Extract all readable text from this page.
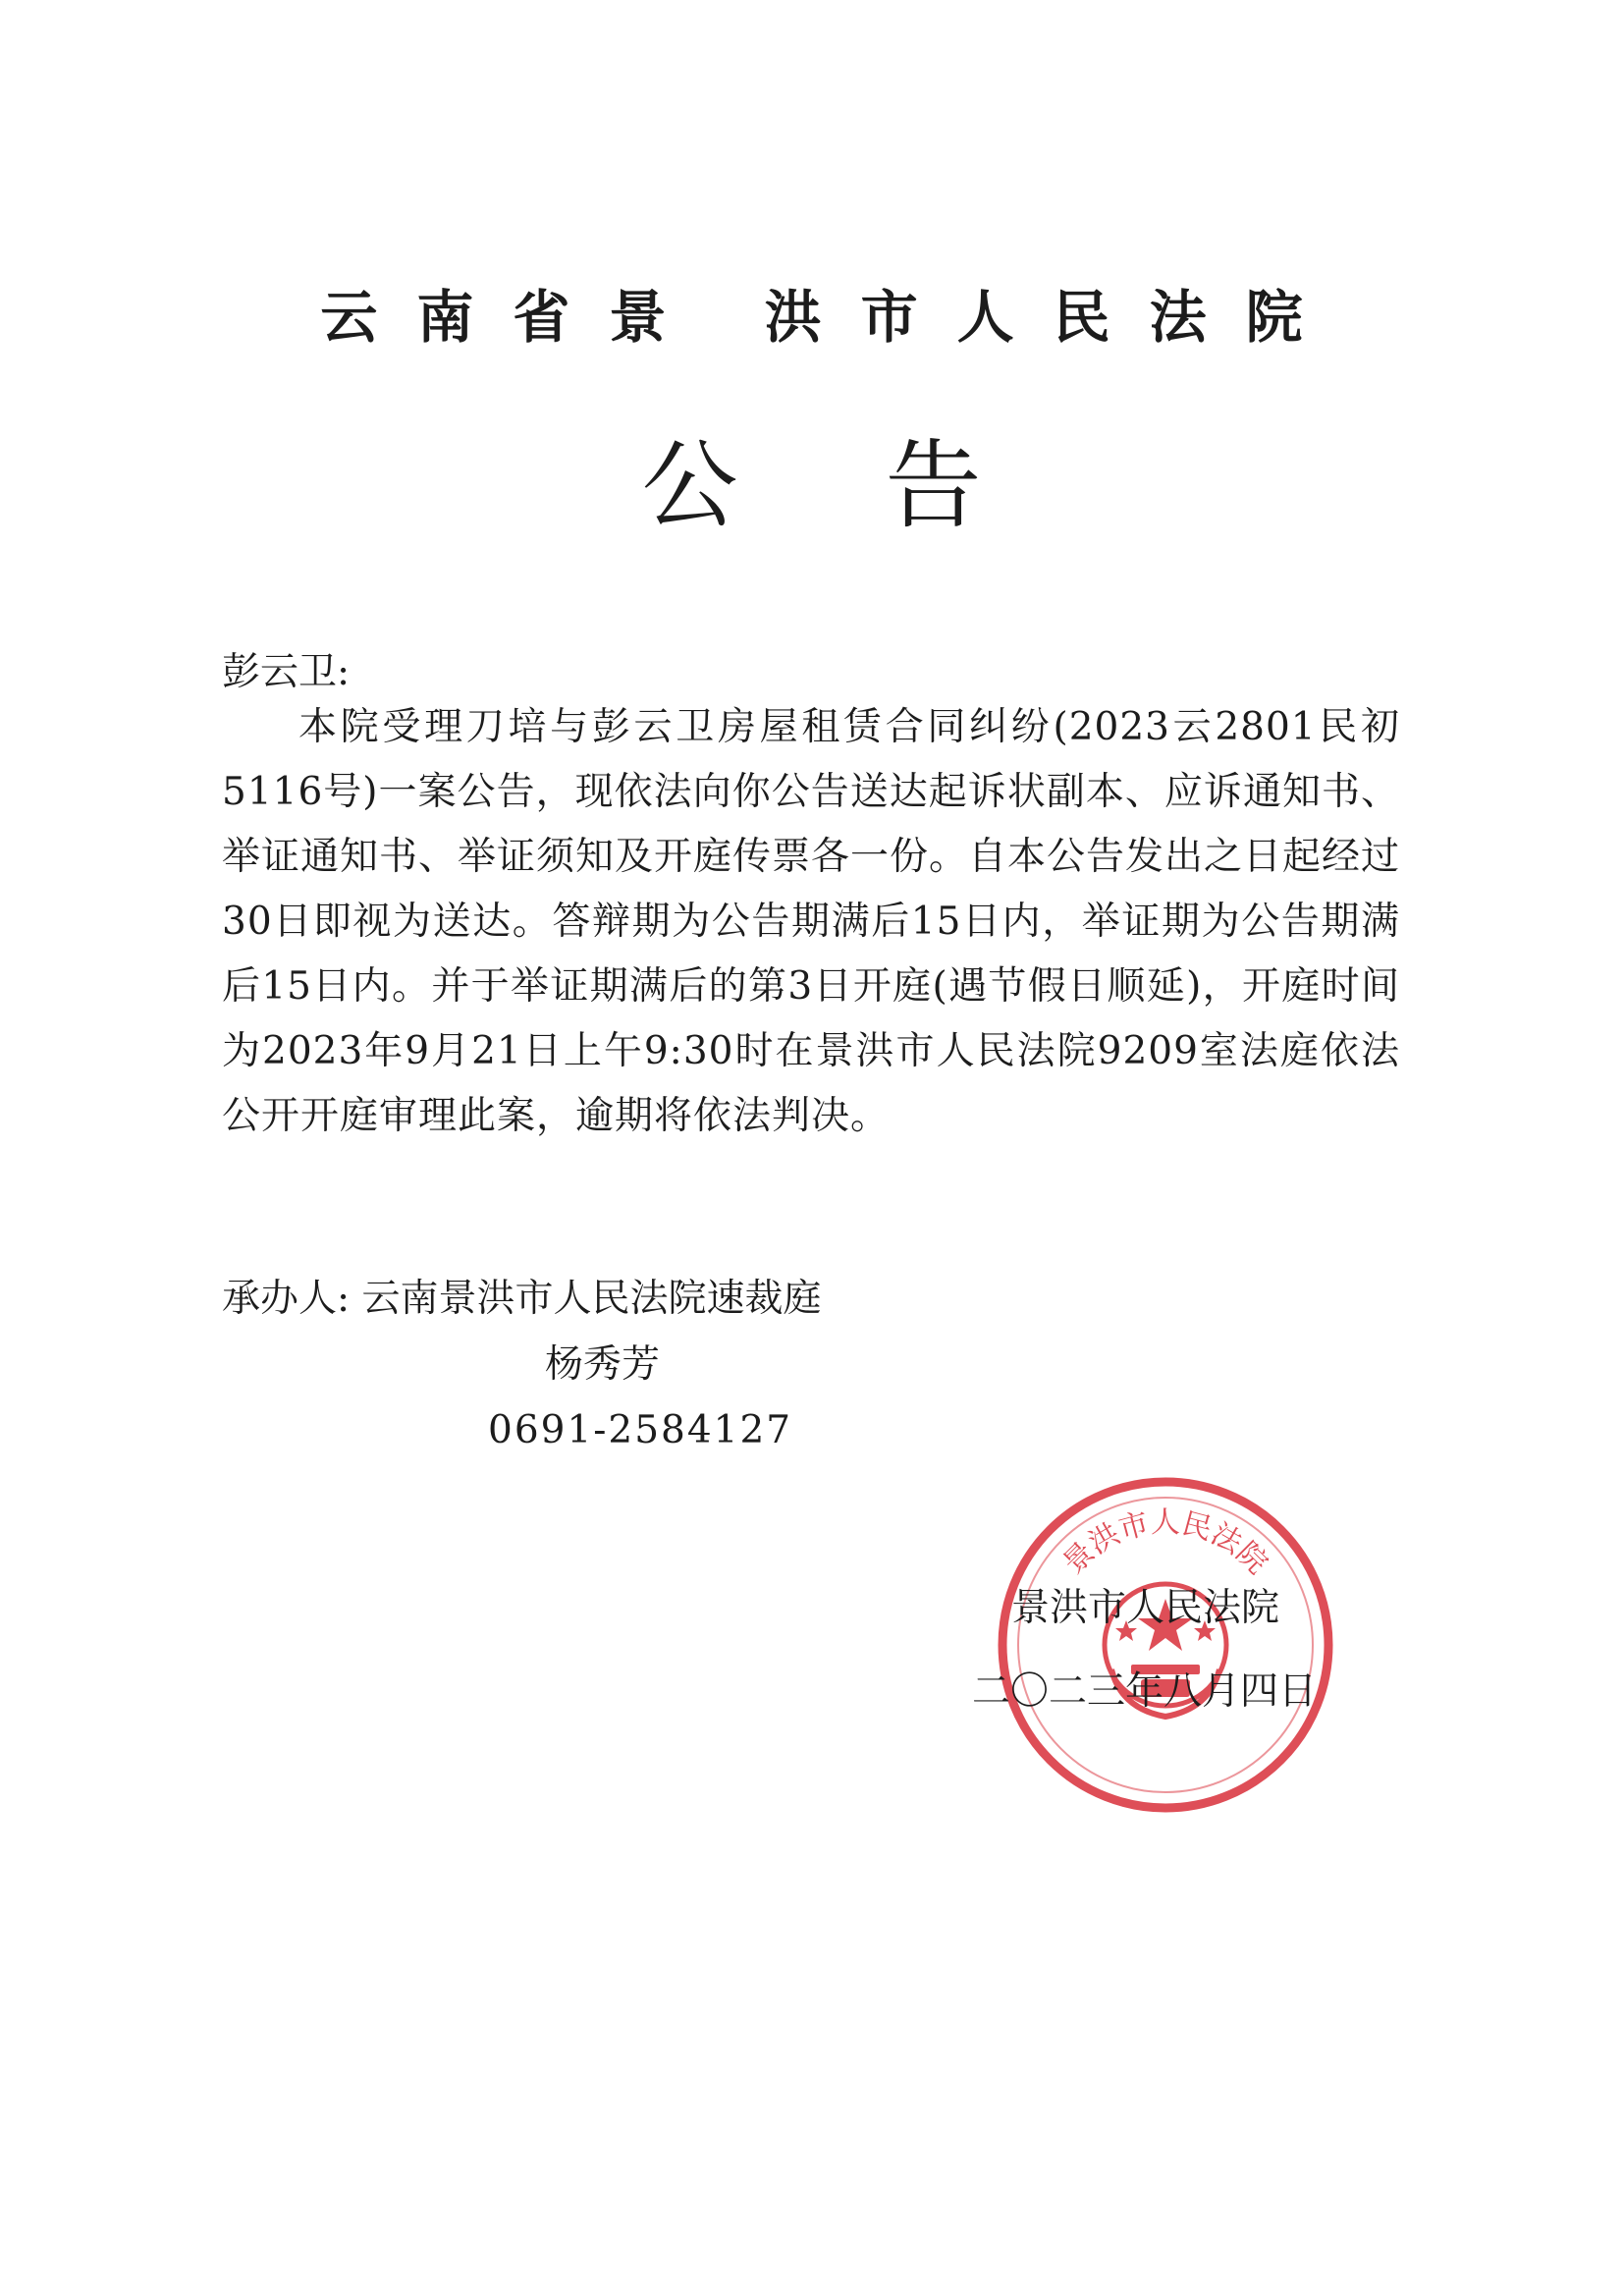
云南省景 洪市人民法院
公告
彭云卫:
本院受理刀培与彭云卫房屋租赁合同纠纷(2023云2801民初5116号)一案公告，现依法向你公告送达起诉状副本、应诉通知书、举证通知书、举证须知及开庭传票各一份。自本公告发出之日起经过30日即视为送达。答辩期为公告期满后15日内，举证期为公告期满后15日内。并于举证期满后的第3日开庭(遇节假日顺延)，开庭时间为2023年9月21日上午9:30时在景洪市人民法院9209室法庭依法公开开庭审理此案，逾期将依法判决。
承办人: 云南景洪市人民法院速裁庭
杨秀芳
0691-2584127
景洪市人民法院
景洪市人民法院
二〇二三年八月四日
